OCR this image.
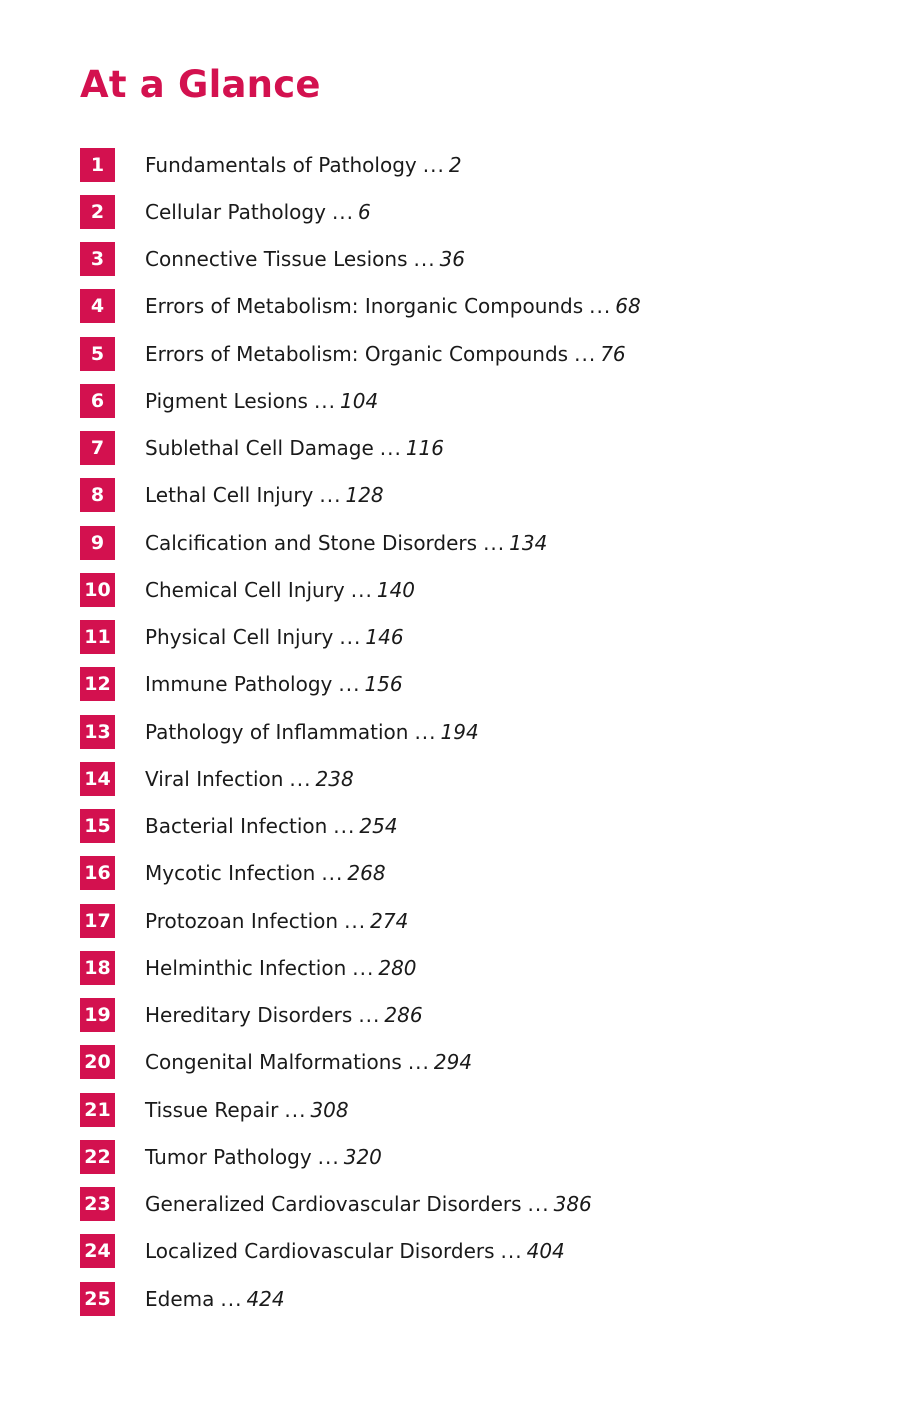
At a Glance
1	Fundamentals of Pathology ... 2
2	Cellular Pathology ... 6
3	Connective Tissue Lesions ... 36
4	Errors of Metabolism: Inorganic Compounds ... 68
5	Errors of Metabolism: Organic Compounds ... 76
6	Pigment Lesions ... 104
7	Sublethal Cell Damage ... 116
8	Lethal Cell Injury ... 128
9	Calcification and Stone Disorders ... 134
10 Chemical Cell Injury ... 140
11 Physical Cell Injury ... 146
12 Immune Pathology ... 156
13 Pathology of Inflammation ... 194
14 Viral Infection ... 238
15 Bacterial Infection ... 254
16 Mycotic Infection ... 268
17 Protozoan Infection ... 274
18 Helminthic Infection ... 280
19 Hereditary Disorders ... 286
20 Congenital Malformations ... 294
21 Tissue Repair ... 308
22 Tumor Pathology ... 320
23 Generalized Cardiovascular Disorders ... 386
24 Localized Cardiovascular Disorders ... 404
25 Edema ... 424
